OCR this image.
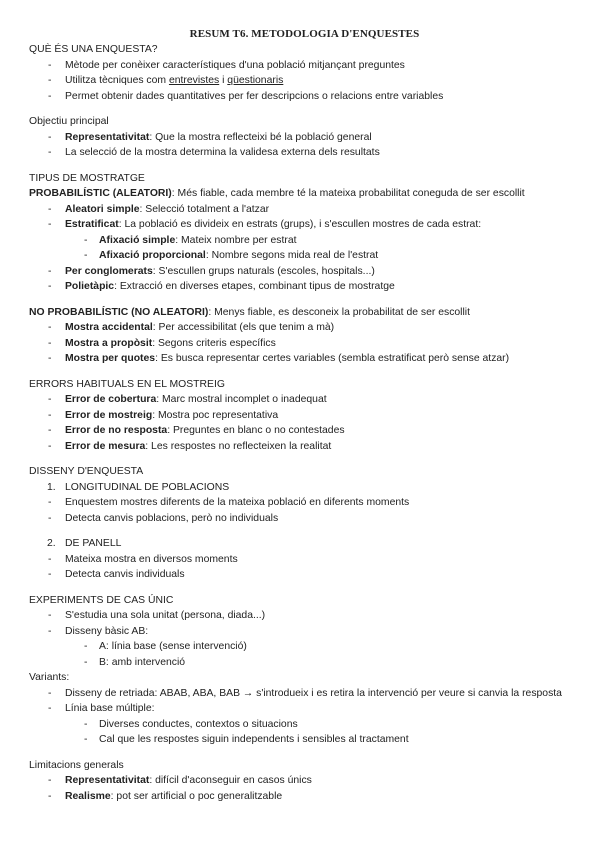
RESUM T6. METODOLOGIA D'ENQUESTES
QUÈ ÉS UNA ENQUESTA?
- Mètode per conèixer característiques d'una població mitjançant preguntes
- Utilitza tècniques com entrevistes i qüestionaris
- Permet obtenir dades quantitatives per fer descripcions o relacions entre variables
Objectiu principal
- Representativitat: Que la mostra reflecteixi bé la població general
- La selecció de la mostra determina la validesa externa dels resultats
TIPUS DE MOSTRATGE
PROBABILÍSTIC (ALEATORI): Més fiable, cada membre té la mateixa probabilitat coneguda de ser escollit
- Aleatori simple: Selecció totalment a l'atzar
- Estratificat: La població es divideix en estrats (grups), i s'escullen mostres de cada estrat:
- Afixació simple: Mateix nombre per estrat
- Afixació proporcional: Nombre segons mida real de l'estrat
- Per conglomerats: S'escullen grups naturals (escoles, hospitals...)
- Polietàpic: Extracció en diverses etapes, combinant tipus de mostratge
NO PROBABILÍSTIC (NO ALEATORI): Menys fiable, es desconeix la probabilitat de ser escollit
- Mostra accidental: Per accessibilitat (els que tenim a mà)
- Mostra a propòsit: Segons criteris específics
- Mostra per quotes: Es busca representar certes variables (sembla estratificat però sense atzar)
ERRORS HABITUALS EN EL MOSTREIG
- Error de cobertura: Marc mostral incomplet o inadequat
- Error de mostreig: Mostra poc representativa
- Error de no resposta: Preguntes en blanc o no contestades
- Error de mesura: Les respostes no reflecteixen la realitat
DISSENY D'ENQUESTA
1. LONGITUDINAL DE POBLACIONS
- Enquestem mostres diferents de la mateixa població en diferents moments
- Detecta canvis poblacions, però no individuals
2. DE PANELL
- Mateixa mostra en diversos moments
- Detecta canvis individuals
EXPERIMENTS DE CAS ÚNIC
- S'estudia una sola unitat (persona, diada...)
- Disseny bàsic AB:
- A: línia base (sense intervenció)
- B: amb intervenció
Variants:
- Disseny de retriada: ABAB, ABA, BAB → s'introdueix i es retira la intervenció per veure si canvia la resposta
- Línia base múltiple:
- Diverses conductes, contextos o situacions
- Cal que les respostes siguin independents i sensibles al tractament
Limitacions generals
- Representativitat: difícil d'aconseguir en casos únics
- Realisme: pot ser artificial o poc generalitzable
